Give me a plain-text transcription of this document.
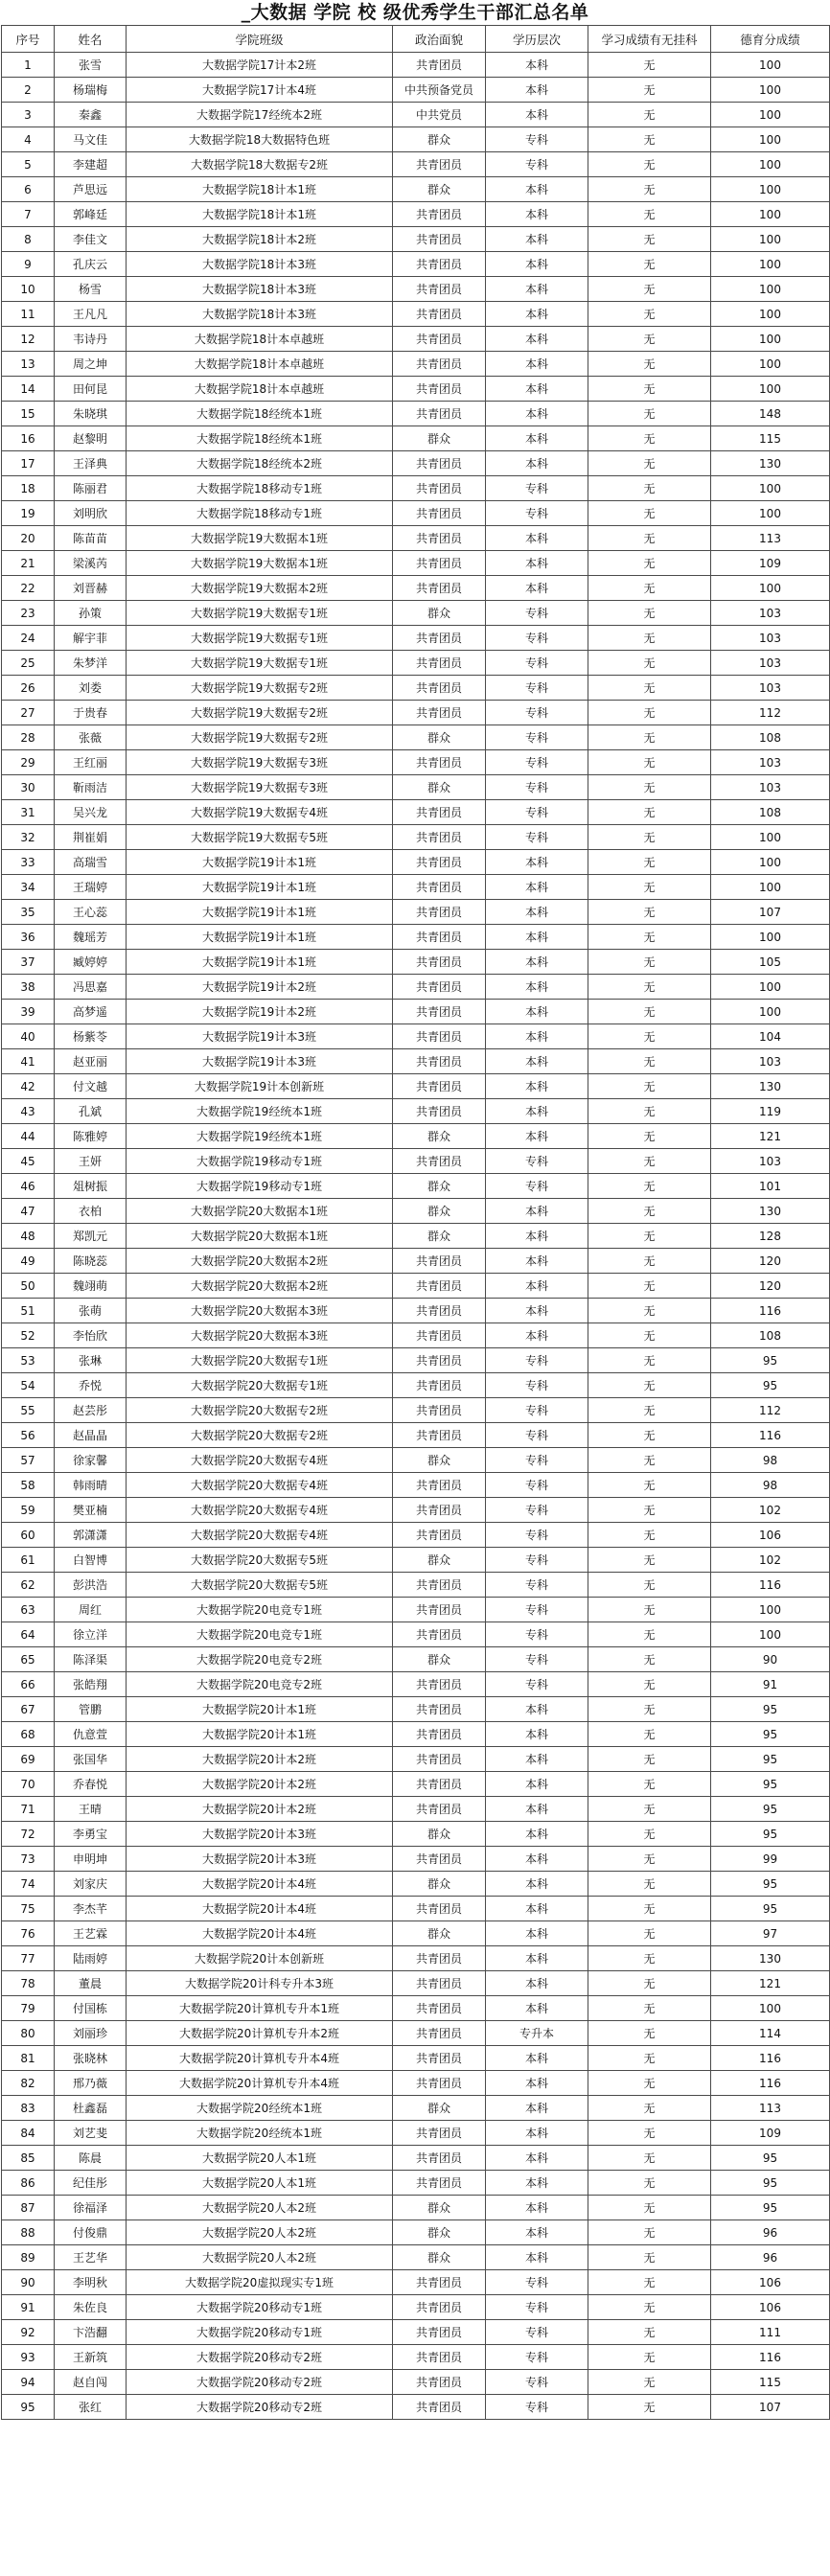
_大数据 学院 校 级优秀学生干部汇总名单
序号	姓名	学院班级	政治面貌	学历层次	学习成绩有无挂科	德育分成绩
1	张雪	大数据学院17计本2班	共青团员	本科	无	100
2	杨瑞梅	大数据学院17计本4班	中共预备党员	本科	无	100
3	秦鑫	大数据学院17经统本2班	中共党员	本科	无	100
4	马文佳	大数据学院18大数据特色班	群众	专科	无	100
5	李建超	大数据学院18大数据专2班	共青团员	专科	无	100
6	芦思远	大数据学院18计本1班	群众	本科	无	100
7	郭峰廷	大数据学院18计本1班	共青团员	本科	无	100
8	李佳文	大数据学院18计本2班	共青团员	本科	无	100
9	孔庆云	大数据学院18计本3班	共青团员	本科	无	100
10	杨雪	大数据学院18计本3班	共青团员	本科	无	100
11	王凡凡	大数据学院18计本3班	共青团员	本科	无	100
12	韦诗丹	大数据学院18计本卓越班	共青团员	本科	无	100
13	周之坤	大数据学院18计本卓越班	共青团员	本科	无	100
14	田何昆	大数据学院18计本卓越班	共青团员	本科	无	100
15	朱晓琪	大数据学院18经统本1班	共青团员	本科	无	148
16	赵黎明	大数据学院18经统本1班	群众	本科	无	115
17	王泽典	大数据学院18经统本2班	共青团员	本科	无	130
18	陈丽君	大数据学院18移动专1班	共青团员	专科	无	100
19	刘明欣	大数据学院18移动专1班	共青团员	专科	无	100
20	陈苗苗	大数据学院19大数据本1班	共青团员	本科	无	113
21	梁溪芮	大数据学院19大数据本1班	共青团员	本科	无	109
22	刘晋赫	大数据学院19大数据本2班	共青团员	本科	无	100
23	孙策	大数据学院19大数据专1班	群众	专科	无	103
24	解宇菲	大数据学院19大数据专1班	共青团员	专科	无	103
25	朱梦洋	大数据学院19大数据专1班	共青团员	专科	无	103
26	刘娄	大数据学院19大数据专2班	共青团员	专科	无	103
27	于贵春	大数据学院19大数据专2班	共青团员	专科	无	112
28	张薇	大数据学院19大数据专2班	群众	专科	无	108
29	王红丽	大数据学院19大数据专3班	共青团员	专科	无	103
30	靳雨洁	大数据学院19大数据专3班	群众	专科	无	103
31	吴兴龙	大数据学院19大数据专4班	共青团员	专科	无	108
32	荆崔娟	大数据学院19大数据专5班	共青团员	专科	无	100
33	高瑞雪	大数据学院19计本1班	共青团员	本科	无	100
34	王瑞婷	大数据学院19计本1班	共青团员	本科	无	100
35	王心蕊	大数据学院19计本1班	共青团员	本科	无	107
36	魏瑶芳	大数据学院19计本1班	共青团员	本科	无	100
37	臧婷婷	大数据学院19计本1班	共青团员	本科	无	105
38	冯思嘉	大数据学院19计本2班	共青团员	本科	无	100
39	高梦遥	大数据学院19计本2班	共青团员	本科	无	100
40	杨紫苓	大数据学院19计本3班	共青团员	本科	无	104
41	赵亚丽	大数据学院19计本3班	共青团员	本科	无	103
42	付文越	大数据学院19计本创新班	共青团员	本科	无	130
43	孔斌	大数据学院19经统本1班	共青团员	本科	无	119
44	陈雅婷	大数据学院19经统本1班	群众	本科	无	121
45	王妍	大数据学院19移动专1班	共青团员	专科	无	103
46	俎树振	大数据学院19移动专1班	群众	专科	无	101
47	衣柏	大数据学院20大数据本1班	群众	本科	无	130
48	郑凯元	大数据学院20大数据本1班	群众	本科	无	128
49	陈晓蕊	大数据学院20大数据本2班	共青团员	本科	无	120
50	魏翊萌	大数据学院20大数据本2班	共青团员	本科	无	120
51	张萌	大数据学院20大数据本3班	共青团员	本科	无	116
52	李怡欣	大数据学院20大数据本3班	共青团员	本科	无	108
53	张琳	大数据学院20大数据专1班	共青团员	专科	无	95
54	乔悦	大数据学院20大数据专1班	共青团员	专科	无	95
55	赵芸彤	大数据学院20大数据专2班	共青团员	专科	无	112
56	赵晶晶	大数据学院20大数据专2班	共青团员	专科	无	116
57	徐家馨	大数据学院20大数据专4班	群众	专科	无	98
58	韩雨晴	大数据学院20大数据专4班	共青团员	专科	无	98
59	樊亚楠	大数据学院20大数据专4班	共青团员	专科	无	102
60	郭潇潇	大数据学院20大数据专4班	共青团员	专科	无	106
61	白智博	大数据学院20大数据专5班	群众	专科	无	102
62	彭洪浩	大数据学院20大数据专5班	共青团员	专科	无	116
63	周红	大数据学院20电竞专1班	共青团员	专科	无	100
64	徐立洋	大数据学院20电竞专1班	共青团员	专科	无	100
65	陈泽渠	大数据学院20电竞专2班	群众	专科	无	90
66	张皓翔	大数据学院20电竞专2班	共青团员	专科	无	91
67	管鹏	大数据学院20计本1班	共青团员	本科	无	95
68	仇意萱	大数据学院20计本1班	共青团员	本科	无	95
69	张国华	大数据学院20计本2班	共青团员	本科	无	95
70	乔春悦	大数据学院20计本2班	共青团员	本科	无	95
71	王晴	大数据学院20计本2班	共青团员	本科	无	95
72	李勇宝	大数据学院20计本3班	群众	本科	无	95
73	申明坤	大数据学院20计本3班	共青团员	本科	无	99
74	刘家庆	大数据学院20计本4班	群众	本科	无	95
75	李杰芊	大数据学院20计本4班	共青团员	本科	无	95
76	王艺霖	大数据学院20计本4班	群众	本科	无	97
77	陆雨婷	大数据学院20计本创新班	共青团员	本科	无	130
78	董晨	大数据学院20计科专升本3班	共青团员	本科	无	121
79	付国栋	大数据学院20计算机专升本1班	共青团员	本科	无	100
80	刘丽珍	大数据学院20计算机专升本2班	共青团员	专升本	无	114
81	张晓林	大数据学院20计算机专升本4班	共青团员	本科	无	116
82	邢乃薇	大数据学院20计算机专升本4班	共青团员	本科	无	116
83	杜鑫磊	大数据学院20经统本1班	群众	本科	无	113
84	刘艺斐	大数据学院20经统本1班	共青团员	本科	无	109
85	陈晨	大数据学院20人本1班	共青团员	本科	无	95
86	纪佳彤	大数据学院20人本1班	共青团员	本科	无	95
87	徐福泽	大数据学院20人本2班	群众	本科	无	95
88	付俊鼎	大数据学院20人本2班	群众	本科	无	96
89	王艺华	大数据学院20人本2班	群众	本科	无	96
90	李明秋	大数据学院20虚拟现实专1班	共青团员	专科	无	106
91	朱佐良	大数据学院20移动专1班	共青团员	专科	无	106
92	卞浩翻	大数据学院20移动专1班	共青团员	专科	无	111
93	王新筑	大数据学院20移动专2班	共青团员	专科	无	116
94	赵自闯	大数据学院20移动专2班	共青团员	专科	无	115
95	张红	大数据学院20移动专2班	共青团员	专科	无	107
